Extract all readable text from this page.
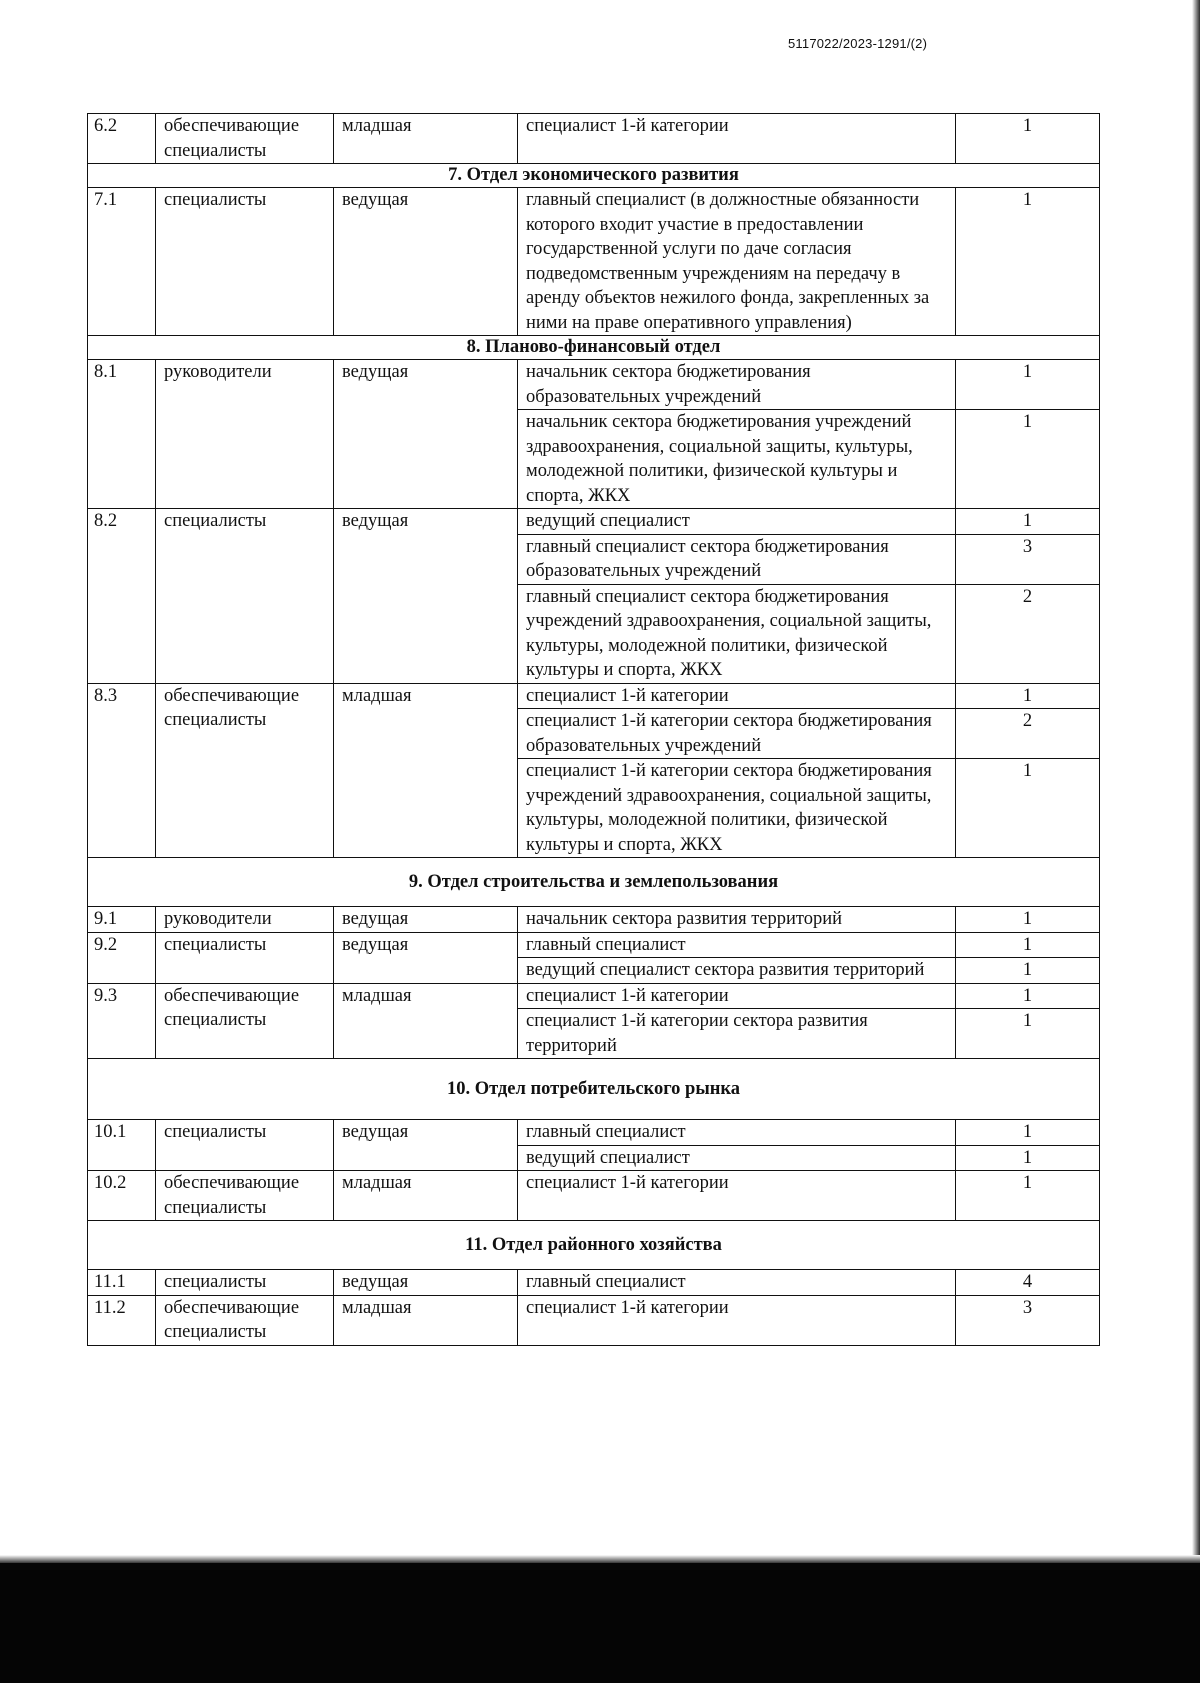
5117022/2023-1291/(2)
6.2	обеспечивающие специалисты	младшая	специалист 1-й категории	1
7. Отдел экономического развития				
7.1	специалисты	ведущая	главный специалист (в должностные обязанности которого входит участие в предоставлении государственной услуги по даче согласия подведомственным учреждениям на передачу в аренду объектов нежилого фонда, закрепленных за ними на праве оперативного управления)	1
8. Планово-финансовый отдел				
8.1	руководители	ведущая	начальник сектора бюджетирования образовательных учреждений	1
			начальник сектора бюджетирования учреждений здравоохранения, социальной защиты, культуры, молодежной политики, физической культуры и спорта, ЖКХ	1
8.2	специалисты	ведущая	ведущий специалист	1
			главный специалист сектора бюджетирования образовательных учреждений	3
			главный специалист сектора бюджетирования учреждений здравоохранения, социальной защиты, культуры, молодежной политики, физической культуры и спорта, ЖКХ	2
8.3	обеспечивающие специалисты	младшая	специалист 1-й категории	1
			специалист 1-й категории сектора бюджетирования образовательных учреждений	2
			специалист 1-й категории сектора бюджетирования учреждений здравоохранения, социальной защиты, культуры, молодежной политики, физической культуры и спорта, ЖКХ	1
9. Отдел строительства и землепользования				
9.1	руководители	ведущая	начальник сектора развития территорий	1
9.2	специалисты	ведущая	главный специалист	1
			ведущий специалист сектора развития территорий	1
9.3	обеспечивающие специалисты	младшая	специалист 1-й категории	1
			специалист 1-й категории сектора развития территорий	1
10. Отдел потребительского рынка				
10.1	специалисты	ведущая	главный специалист	1
			ведущий специалист	1
10.2	обеспечивающие специалисты	младшая	специалист 1-й категории	1
11. Отдел районного хозяйства				
11.1	специалисты	ведущая	главный специалист	4
11.2	обеспечивающие специалисты	младшая	специалист 1-й категории	3
